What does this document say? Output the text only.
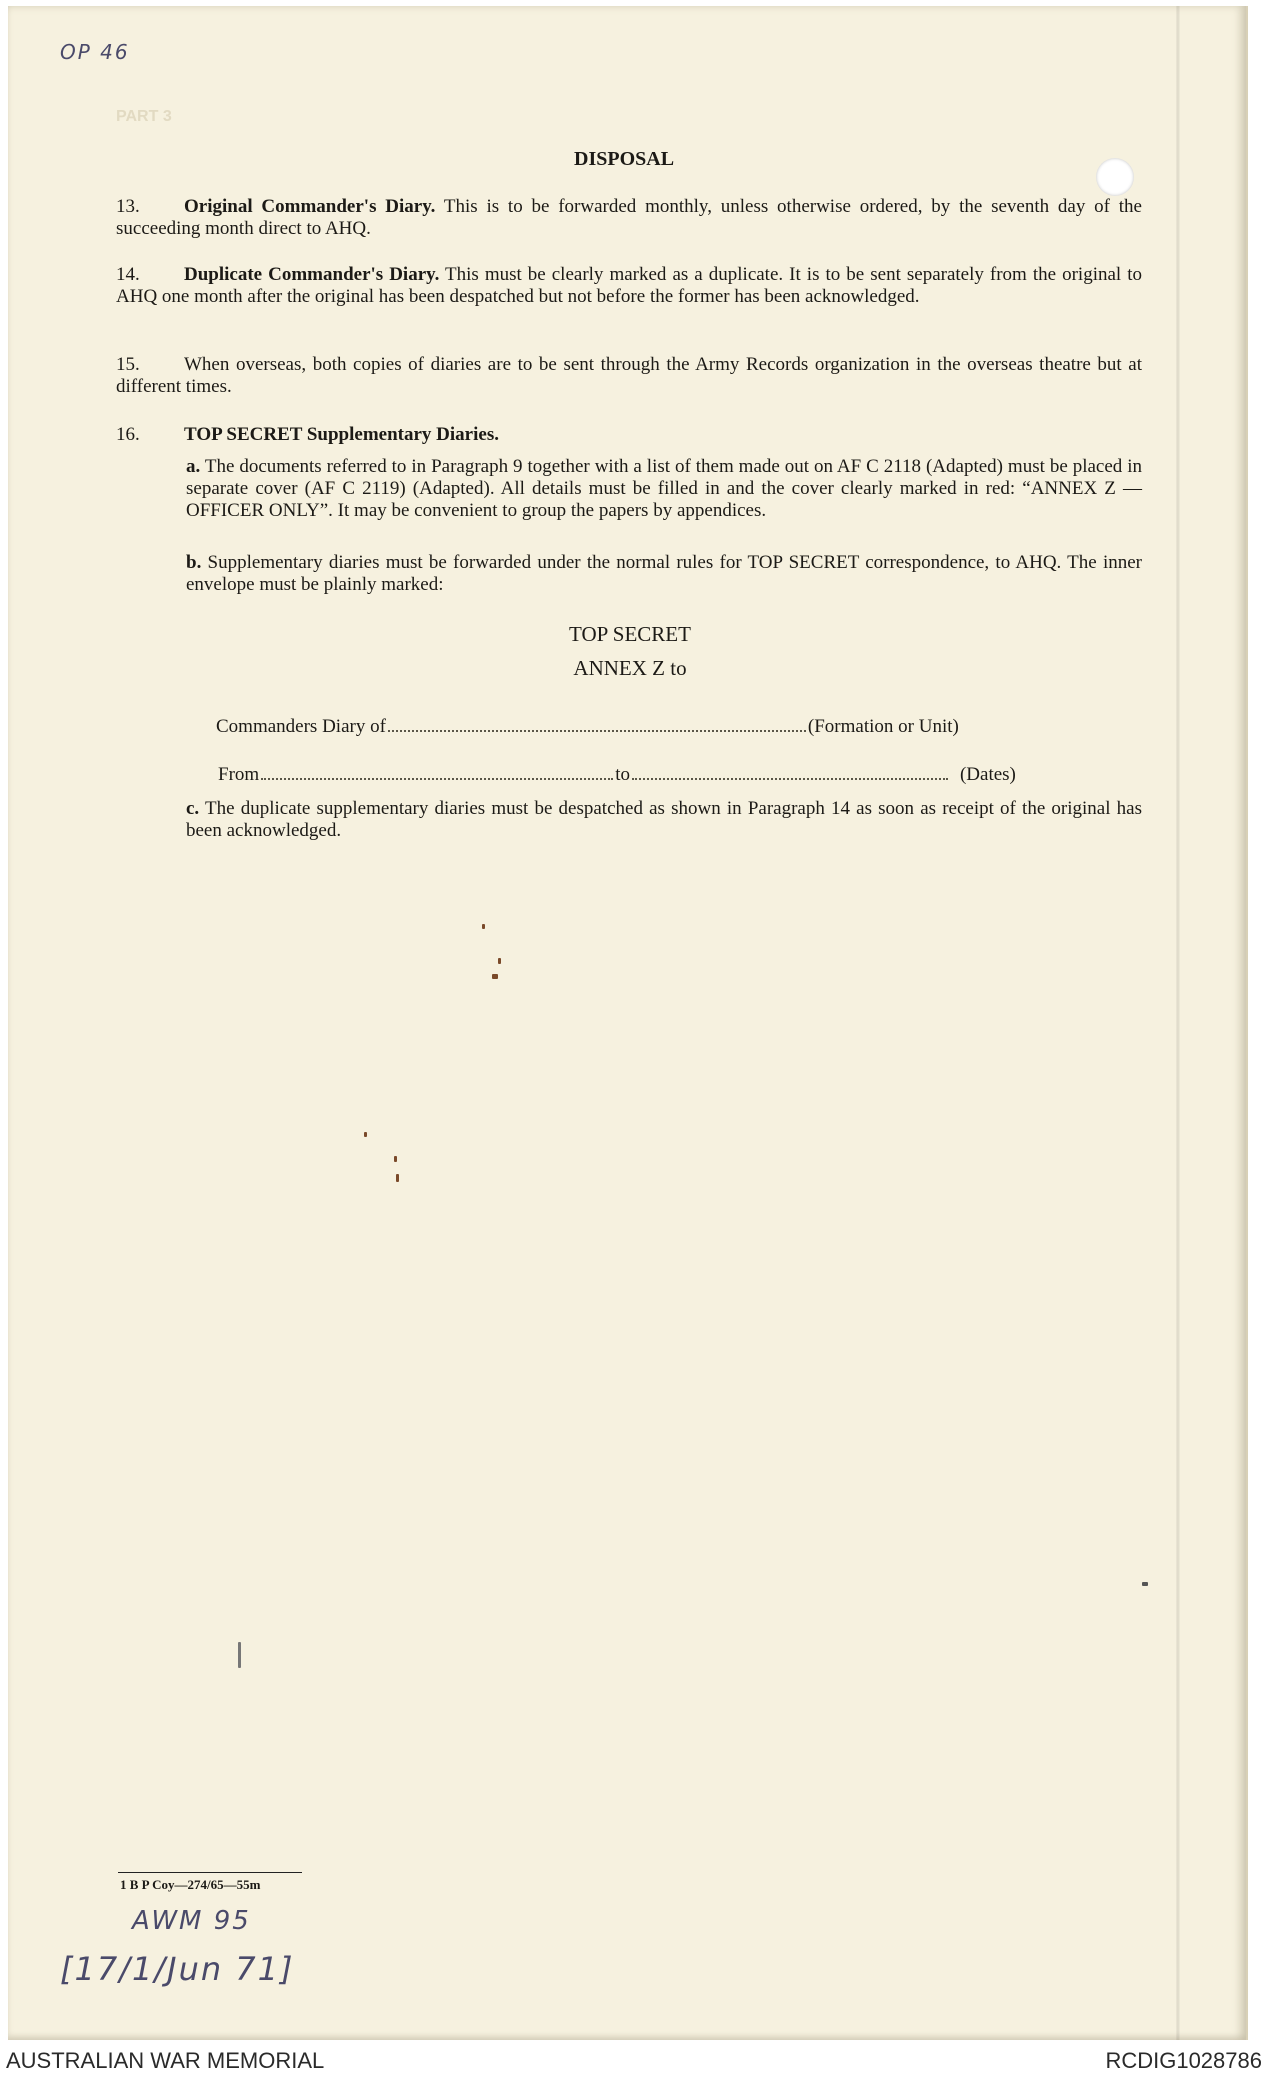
OP 46
PART 3
DISPOSAL
13. Original Commander's Diary. This is to be forwarded monthly, unless otherwise ordered, by the seventh day of the succeeding month direct to AHQ.
14. Duplicate Commander's Diary. This must be clearly marked as a duplicate. It is to be sent separately from the original to AHQ one month after the original has been despatched but not before the former has been acknowledged.
15. When overseas, both copies of diaries are to be sent through the Army Records organization in the overseas theatre but at different times.
16. TOP SECRET Supplementary Diaries.
a. The documents referred to in Paragraph 9 together with a list of them made out on AF C 2118 (Adapted) must be placed in separate cover (AF C 2119) (Adapted). All details must be filled in and the cover clearly marked in red: “ANNEX Z — OFFICER ONLY”. It may be convenient to group the papers by appendices.
b. Supplementary diaries must be forwarded under the normal rules for TOP SECRET correspondence, to AHQ. The inner envelope must be plainly marked:
TOP SECRET
ANNEX Z to
Commanders Diary of	(Formation or Unit)
From	to	(Dates)
c. The duplicate supplementary diaries must be despatched as shown in Paragraph 14 as soon as receipt of the original has been acknowledged.
1 B P Coy—274/65—55m
AWM 95
[17/1/Jun 71]
AUSTRALIAN WAR MEMORIAL	RCDIG1028786
